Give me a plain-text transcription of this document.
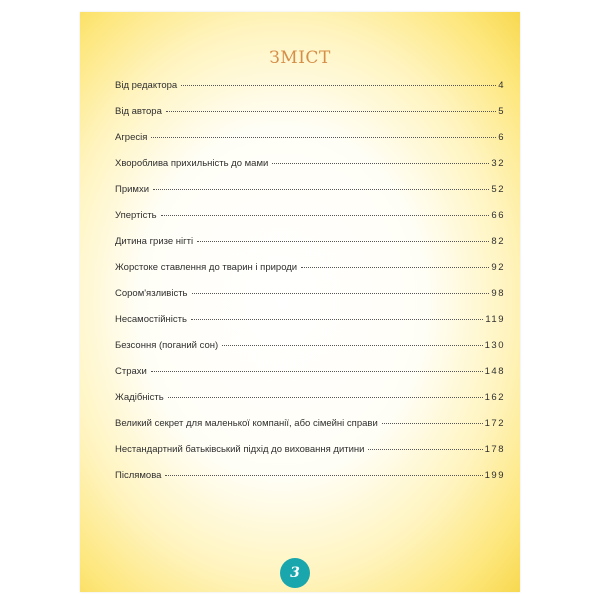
ЗМІСТ
Від редактора	4
Від автора	5
Агресія	6
Хвороблива прихильність до мами	32
Примхи	52
Упертість	66
Дитина гризе нігті	82
Жорстоке ставлення до тварин і природи	92
Сором'язливість	98
Несамостійність	119
Безсоння (поганий сон)	130
Страхи	148
Жадібність	162
Великий секрет для маленької компанії, або сімейні справи	172
Нестандартний батьківський підхід до виховання дитини	178
Післямова	199
3
